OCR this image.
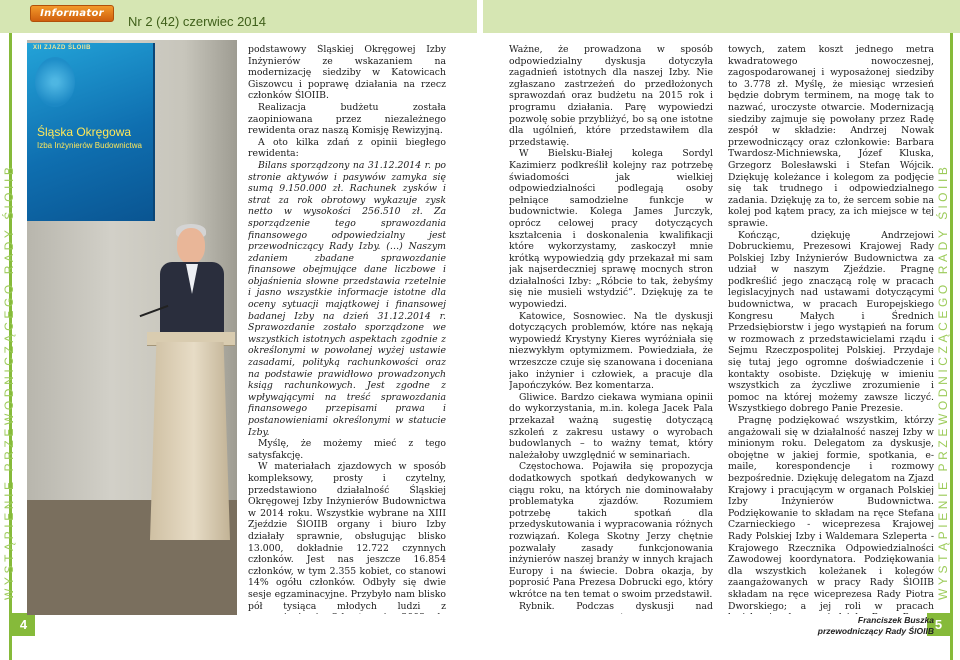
Informator
Nr 2 (42) czerwiec 2014
WYSTĄPIENIE PRZEWODNICZĄCEGO RADY ŚlOIIB	WYSTĄPIENIE PRZEWODNICZĄCEGO RADY ŚlOIIB
4	5
XII ZJAZD ŚLOIIB
Śląska Okręgowa
Izba Inżynierów Budownictwa

podstawowy Śląskiej Okręgowej Izby Inżynierów ze wskazaniem na modernizację siedziby w Katowicach Giszowcu i poprawę działania na rzecz członków ŚlOIIB.

Realizacja budżetu została zaopiniowana przez niezależnego rewidenta oraz naszą Komisję Rewizyjną.

A oto kilka zdań z opinii biegłego rewidenta:

Bilans sporządzony na 31.12.2014 r. po stronie aktywów i pasywów zamyka się sumą 9.150.000 zł. Rachunek zysków i strat za rok obrotowy wykazuje zysk netto w wysokości 256.510 zł. Za sporządzenie tego sprawozdania finansowego odpowiedzialny jest przewodniczący Rady Izby. (…) Naszym zdaniem zbadane sprawozdanie finansowe obejmujące dane liczbowe i objaśnienia słowne przedstawia rzetelnie i jasno wszystkie informacje istotne dla oceny sytuacji majątkowej i finansowej badanej Izby na dzień 31.12.2014 r. Sprawozdanie zostało sporządzone we wszystkich istotnych aspektach zgodnie z określonymi w powołanej wyżej ustawie zasadami, polityką rachunkowości oraz na podstawie prawidłowo prowadzonych ksiąg rachunkowych. Jest zgodne z wpływającymi na treść sprawozdania finansowego przepisami prawa i postanowieniami określonymi w statucie Izby.

Myślę, że możemy mieć z tego satysfakcję.

W materiałach zjazdowych w sposób kompleksowy, prosty i czytelny, przedstawiono działalność Śląskiej Okręgowej Izby Inżynierów Budownictwa w 2014 roku. Wszystkie wybrane na XIII Zjeździe ŚlOIIB organy i biuro Izby działały sprawnie, obsługując blisko 13.000, dokładnie 12.722 czynnych członków. Jest nas jeszcze 16.854 członków, w tym 2.355 kobiet, co stanowi 14% ogółu członków. Odbyły się dwie sesje egzaminacyjne. Przybyło nam blisko pół tysiąca młodych ludzi z

Ważne, że prowadzona w sposób odpowiedzialny dyskusja dotyczyła zagadnień istotnych dla naszej Izby. Nie zgłaszano zastrzeżeń do przedłożonych sprawozdań oraz budżetu na 2015 rok i programu działania. Parę wypowiedzi pozwolę sobie przybliżyć, bo są one istotne dla ugólnień, które przedstawiłem dla przedstawię.

W Bielsku-Białej kolega Sordyl Kazimierz podkreślił kolejny raz potrzebę świadomości jak wielkiej odpowiedzialności podlegają osoby pełniące samodzielne funkcje w budownictwie. Kolega James Jurczyk, oprócz celowej pracy dotyczących kształcenia i doskonalenia kwalifikacji które wykorzystamy, zaskoczył mnie krótką wypowiedzią gdy przekazał mi sam jak najserdeczniej sprawę mocnych stron działalności Izby: „Róbcie to tak, żebyśmy się nie musieli wstydzić”. Dziękuję za te wypowiedzi.

Katowice, Sosnowiec. Na tle dyskusji dotyczących problemów, które nas nękają wypowiedź Krystyny Kieres wyróżniała się niezwykłym optymizmem. Powiedziała, że wrzeszcze czuje się szanowana i doceniana jako inżynier i człowiek, a pracuje dla Japończyków. Bez komentarza.

Gliwice. Bardzo ciekawa wymiana opinii do wykorzystania, m.in. kolega Jacek Pala przekazał ważną sugestię dotyczącą szkoleń z zakresu ustawy o wyrobach budowlanych – to ważny temat, który należałoby uwzględnić w seminariach.

Częstochowa. Pojawiła się propozycja dodatkowych spotkań dedykowanych w ciągu roku, na których nie dominowałaby problematyka zjazdów. Rozumiem potrzebę takich spotkań dla przedyskutowania i wypracowania różnych rozwiązań. Kolega Skotny Jerzy chętnie pozwalały zasady funkcjonowania inżynierów naszej branży w innych krajach Europy i na świecie. Dobra okazja, by poprosić Pana Prezesa Dobrucki ego, który wkrótce na ten temat o swoim przedstawił.

Rybnik. Podczas dyskusji nad

towych, zatem koszt jednego metra kwadratowego nowoczesnej, zagospodarowanej i wyposażonej siedziby to 3.778 zł. Myślę, że miesiąc wrzesień będzie dobrym terminem, na mogę tak to nazwać, uroczyste otwarcie. Modernizacją siedziby zajmuje się powołany przez Radę zespół w składzie: Andrzej Nowak przewodniczący oraz członkowie: Barbara Twardosz-Michniewska, Józef Kluska, Grzegorz Bolesławski i Stefan Wójcik. Dziękuję koleżance i kolegom za podjęcie się tak trudnego i odpowiedzialnego zadania. Dziękuję za to, że sercem sobie na kolej pod kątem pracy, za ich miejsce w tej sprawie.

Kończąc, dziękuję Andrzejowi Dobruckiemu, Prezesowi Krajowej Rady Polskiej Izby Inżynierów Budownictwa za udział w naszym Zjeździe. Pragnę podkreślić jego znaczącą rolę w pracach legislacyjnych nad ustawami dotyczącymi budownictwa, w pracach Europejskiego Kongresu Małych i Średnich Przedsiębiorstw i jego wystąpień na forum w rozmowach z przedstawicielami rządu i Sejmu Rzeczpospolitej Polskiej. Przydaje się tutaj jego ogromne doświadczenie i kontakty osobiste. Dziękuję w imieniu wszystkich za życzliwe zrozumienie i pomoc na której możemy zawsze liczyć. Wszystkiego dobrego Panie Prezesie.

Pragnę podziękować wszystkim, którzy angażowali się w działalność naszej Izby w minionym roku. Delegatom za dyskusje, obojętne w jakiej formie, spotkania, e-maile, korespondencje i rozmowy bezpośrednie. Dziękuję delegatom na Zjazd Krajowy i pracującym w organach Polskiej Izby Inżynierów Budownictwa. Podziękowanie to składam na ręce Stefana Czarnieckiego - wiceprezesa Krajowej Rady Polskiej Izby i Waldemara Szleperta - Krajowego Rzecznika Odpowiedzialności Zawodowej koordynatora. Podziękowania dla wszystkich koleżanek i kolegów zaangażowanych w pracy Rady ŚlOIIB składam na ręce wiceprezesa Rady Piotra Dworskiego; a jej roli w pracach

Franciszek Buszka
przewodniczący Rady ŚlOIIB
